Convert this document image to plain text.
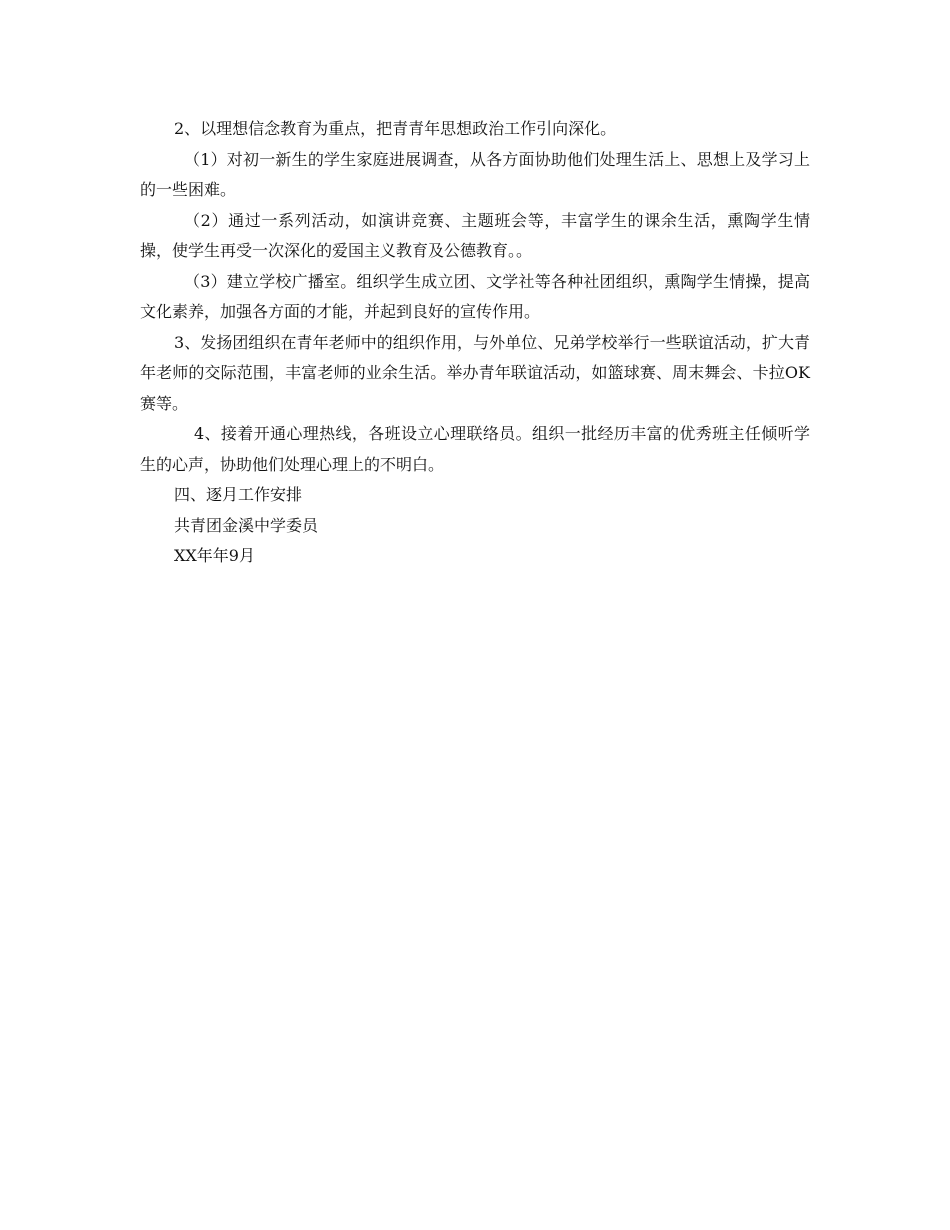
2、以理想信念教育为重点，把青青年思想政治工作引向深化。

（1）对初一新生的学生家庭进展调查，从各方面协助他们处理生活上、思想上及学习上的一些困难。

（2）通过一系列活动，如演讲竞赛、主题班会等，丰富学生的课余生活，熏陶学生情操，使学生再受一次深化的爱国主义教育及公德教育。。

（3）建立学校广播室。组织学生成立团、文学社等各种社团组织，熏陶学生情操，提高文化素养，加强各方面的才能，并起到良好的宣传作用。

3、发扬团组织在青年老师中的组织作用，与外单位、兄弟学校举行一些联谊活动，扩大青年老师的交际范围，丰富老师的业余生活。举办青年联谊活动，如篮球赛、周末舞会、卡拉OK赛等。

4、接着开通心理热线，各班设立心理联络员。组织一批经历丰富的优秀班主任倾听学生的心声，协助他们处理心理上的不明白。

四、逐月工作安排

共青团金溪中学委员

XX年年9月
